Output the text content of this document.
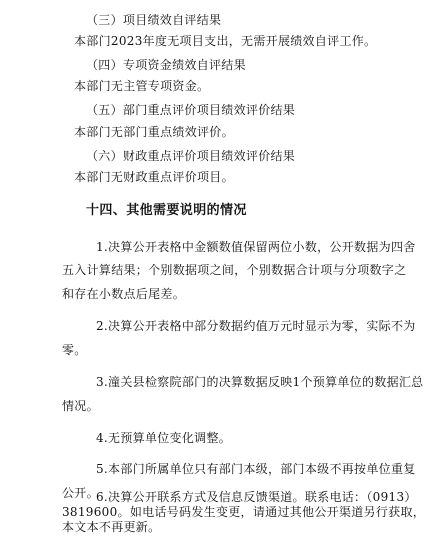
（三）项目绩效自评结果
本部门2023年度无项目支出，无需开展绩效自评工作。
（四）专项资金绩效自评结果
本部门无主管专项资金。
（五）部门重点评价项目绩效评价结果
本部门无部门重点绩效评价。
（六）财政重点评价项目绩效评价结果
本部门无财政重点评价项目。
十四、其他需要说明的情况
1.决算公开表格中金额数值保留两位小数，公开数据为四舍
五入计算结果；个别数据项之间，个别数据合计项与分项数字之
和存在小数点后尾差。
2.决算公开表格中部分数据约值万元时显示为零，实际不为
零。
3.潼关县检察院部门的决算数据反映1个预算单位的数据汇总
情况。
4.无预算单位变化调整。
5.本部门所属单位只有部门本级，部门本级不再按单位重复
公开。
6.决算公开联系方式及信息反馈渠道。联系电话：（0913）
3819600。如电话号码发生变更，请通过其他公开渠道另行获取，
本文本不再更新。
